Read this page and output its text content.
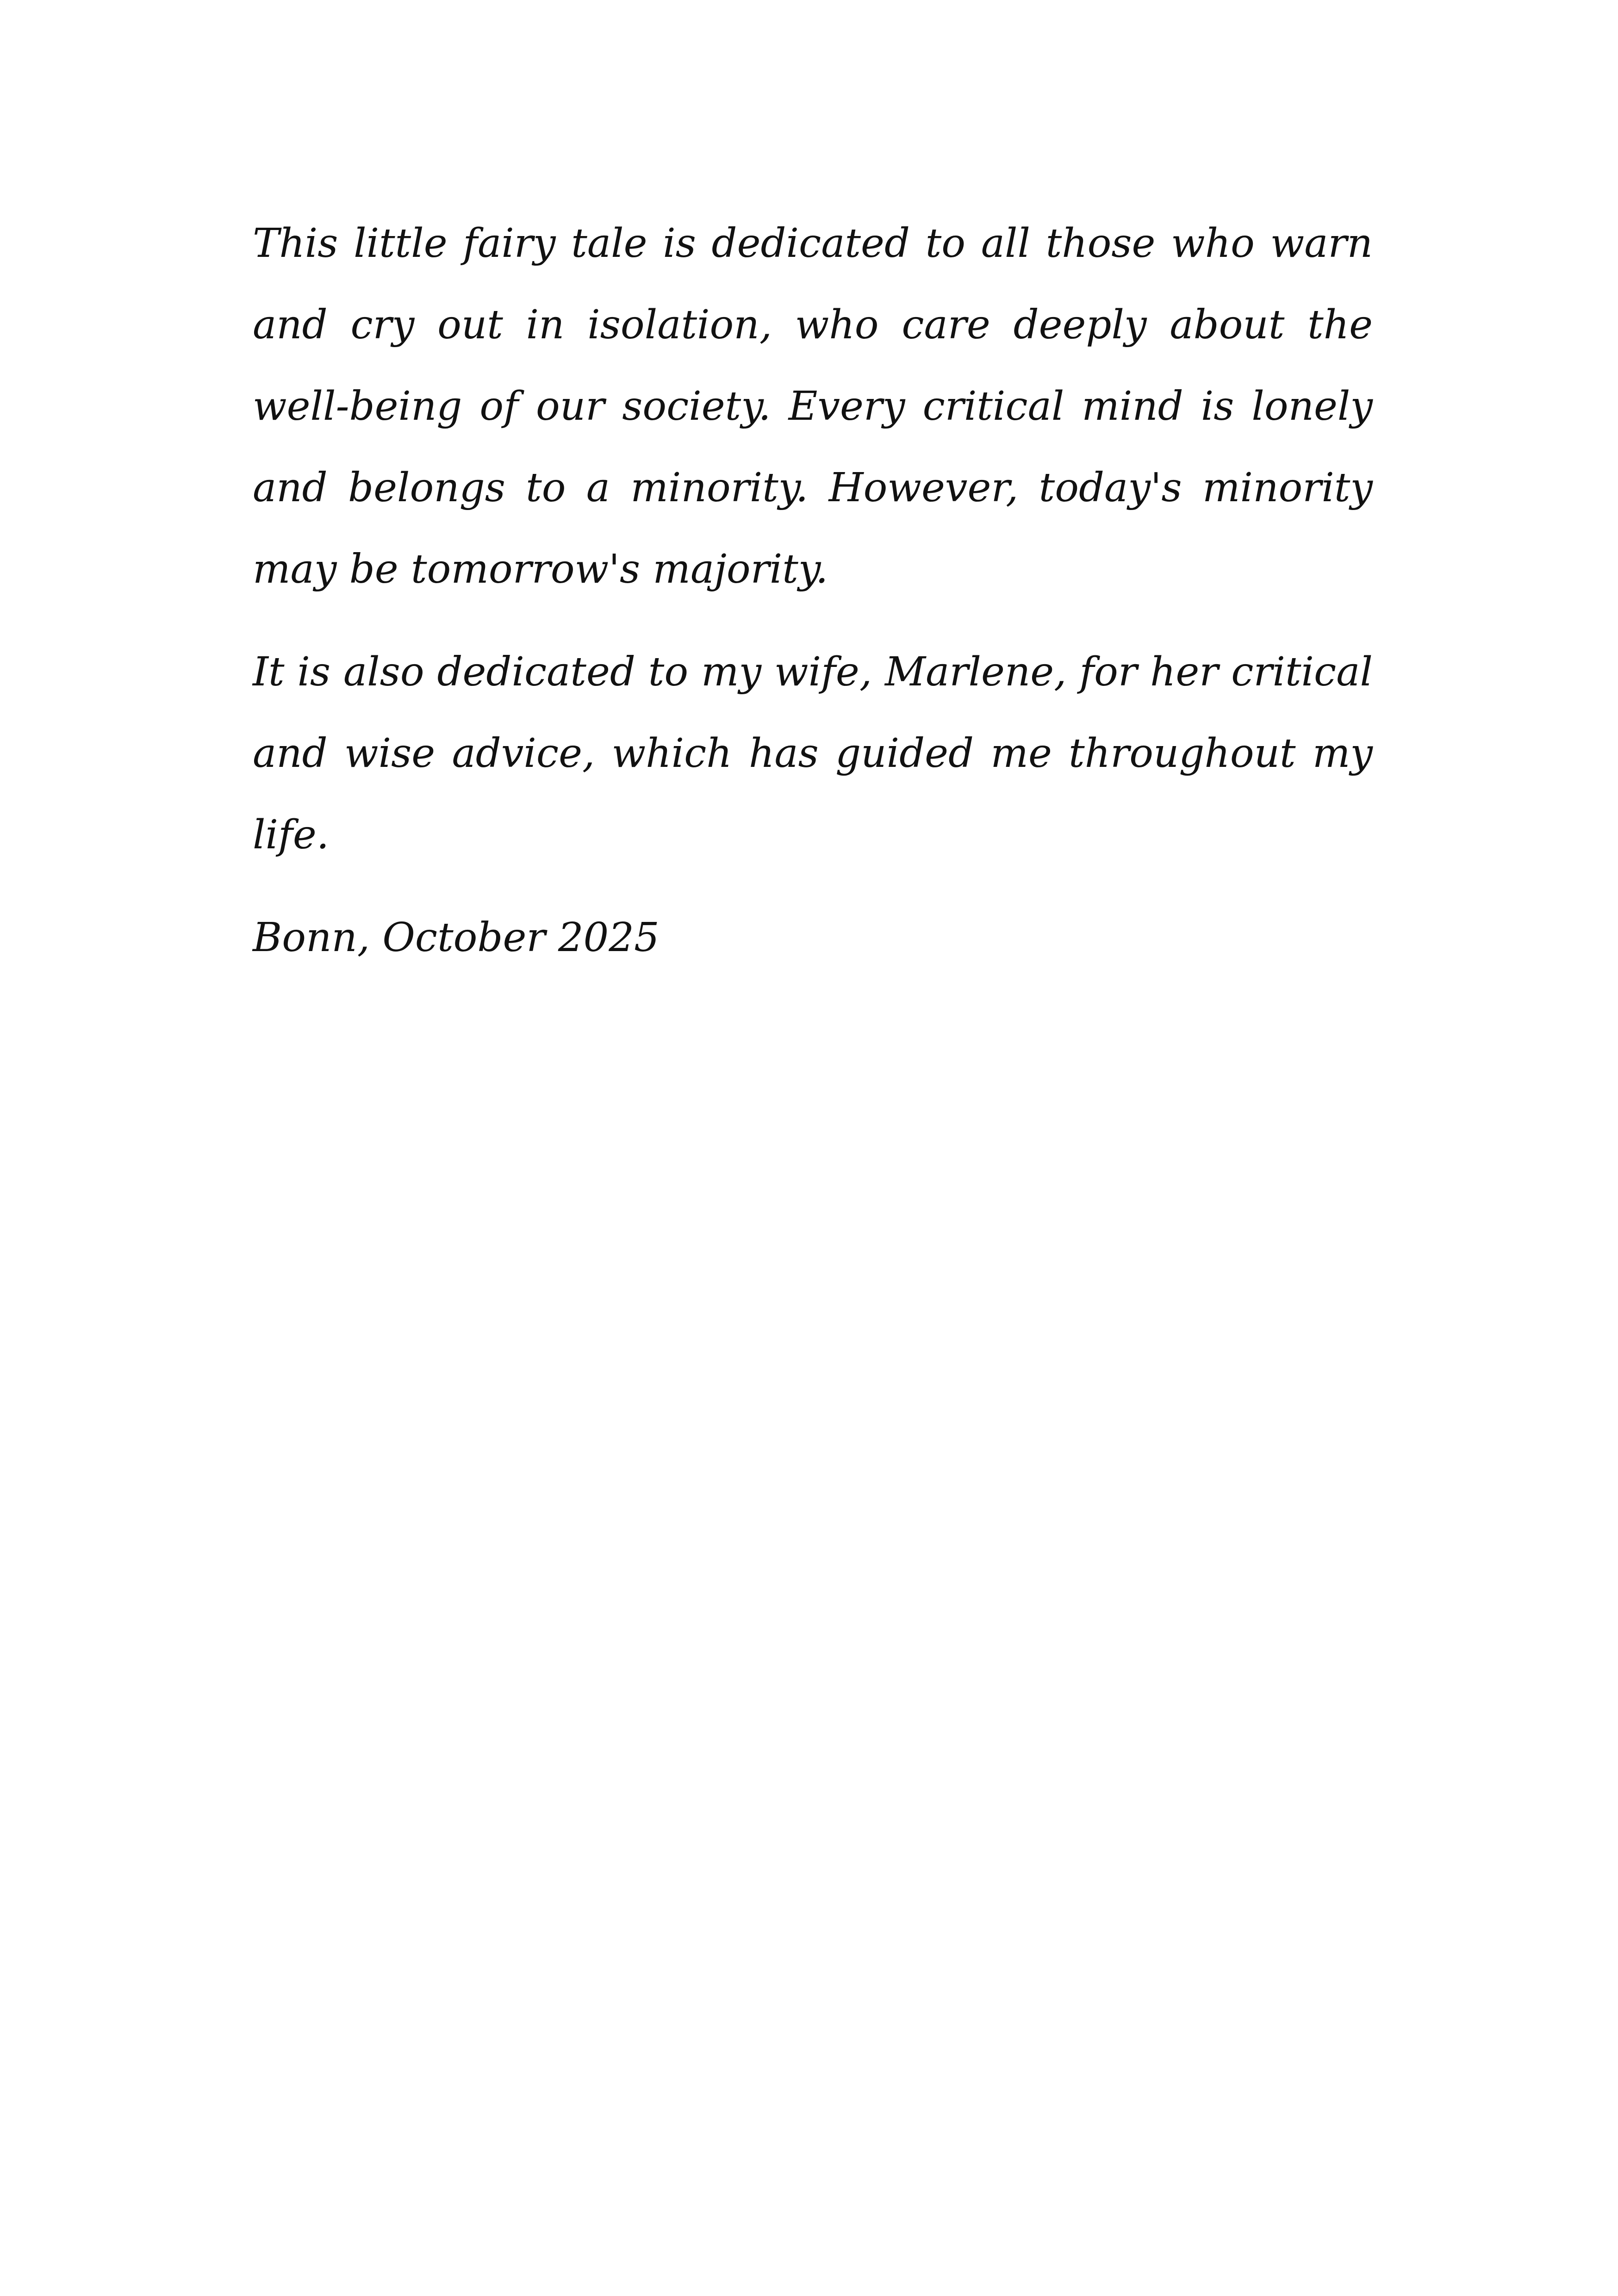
This little fairy tale is dedicated to all those who warn and cry out in isolation, who care deeply about the well-being of our society. Every critical mind is lonely and belongs to a minority. However, today's minority may be tomorrow's majority.

It is also dedicated to my wife, Marlene, for her critical and wise advice, which has guided me throughout my life.

Bonn, October 2025
